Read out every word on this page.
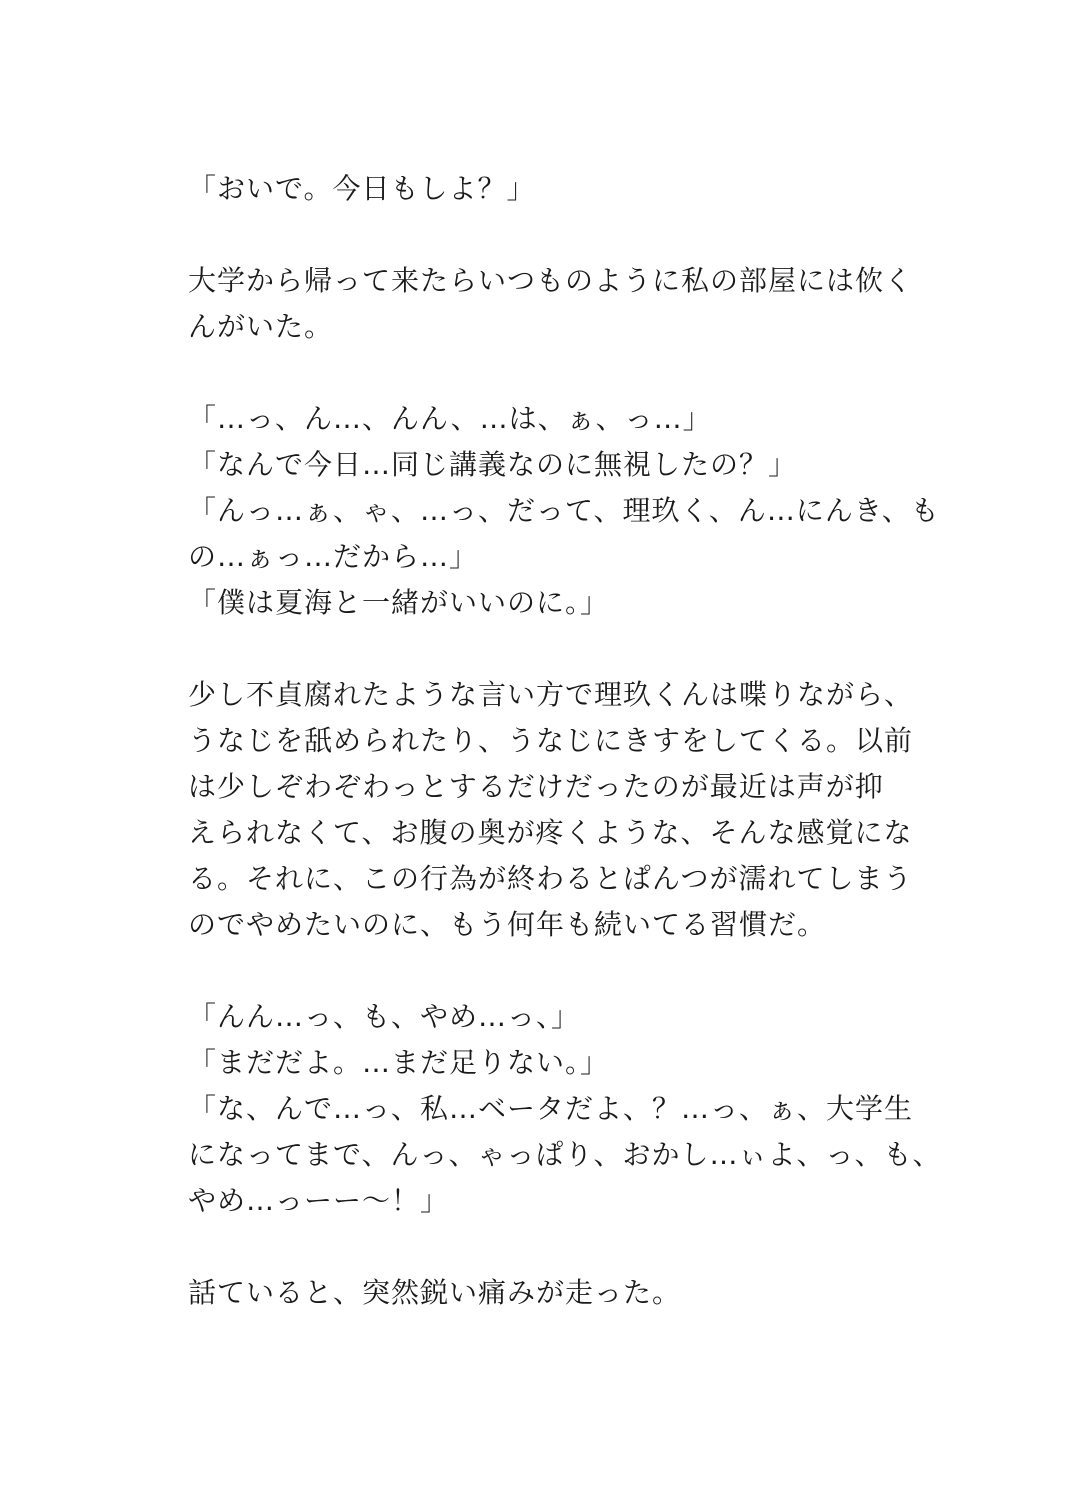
「おいで。今日もしよ？」
大学から帰って来たらいつものように私の部屋には佽く
んがいた。
「…っ、ん…、んん、…は、ぁ、っ…」
「なんで今日…同じ講義なのに無視したの？」
「んっ…ぁ、ゃ、…っ、だって、理玖く、ん…にんき、も
の…ぁっ…だから…」
「僕は夏海と一緒がいいのに。」
少し不貞腐れたような言い方で理玖くんは喋りながら、
うなじを舐められたり、うなじにきすをしてくる。以前
は少しぞわぞわっとするだけだったのが最近は声が抑
えられなくて、お腹の奥が疼くような、そんな感覚にな
る。それに、この行為が終わるとぱんつが濡れてしまう
のでやめたいのに、もう何年も続いてる習慣だ。
「んん…っ、も、やめ…っ、」
「まだだよ。…まだ足りない。」
「な、んで…っ、私…ベータだよ、？…っ、ぁ、大学生
になってまで、んっ、ゃっぱり、おかし…ぃよ、っ、も、
やめ…っーー〜！」
話ていると、突然鋭い痛みが走った。
